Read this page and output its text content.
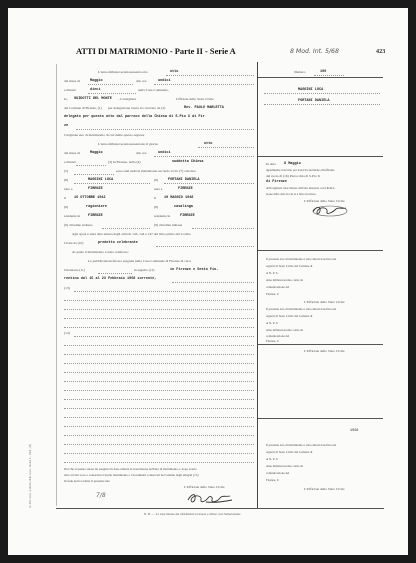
ATTI DI MATRIMONIO - Parte II - Serie A	8 Mod. Int. 5/68	423
L'anno millenovecentosessanta otto	otto
del mese di	Maggio	alle ore	undici
e minuti	dieci	nella Casa Comunale,
Io, GUIDOTTI DEL MONTE - Consigliere	Ufficiale dello Stato Civile
del Comune di Firenze, (1) per delegazione avuta, ho ricevuto da (2)	Rev. PAOLO MARLETTA
delegato per questo atto dal parroco della Chiesa di S.Pio X di Fir
ze
l'originale atto di matrimonio di cui ritalle questo segnare
L'anno millenovecentosessantotto il giorno	otto
del mese di	Maggio	alle ore	undici
e minuti	(3) in Firenze, nella (4)	suddetta Chiesa
(5)	sono stati uniti in matrimonio secondo il rito (7) cattolico
(8)	MAGGINI LUCA	(9)	FORTANI DANIELA
nato a	FIRENZE	nata a	FIRENZE
il 16 OTTOBRE 1942	il 10 MAGGIO 1948
(8)	ragioniere	(8)	casalinga
residente in FIRENZE	residente in	FIRENZE
(9) cittadino italiano	(9) cittadina italiana
Agli sposi è stata data lettura degli articoli 143, 144 e 147 del libro primo del Codice
Civile da (10)	predetto celebrante
Al quale il matrimonio è stato celebrato:
Le pubblicazioni furono eseguite nella Casa Comunale di Firenze di cui è
blicazione (11)	in seguito (12)	in Firenze e Sesto Fio-
rentino dal 15 al 23 Febbraio 1968 corrente,
(13)
(14)
Del che si questo stesso ha eseguito in data odierna la trascrizione dell'atto di matrimonio e, dopo averlo
letto ad alta voce e conosciuto l'esatto matrimonio e i documenti conservati nel volume degli allegati (15)
In fede ne ho redatto il presente atto
L'Ufficiale dello Stato Civile
7/8
Ist. Pol. Stato - Libreria dello Stato - Roma 5 - 1968 - (P)
N. B. — La trascrizione dei riferimenti accessori e divise così l'annotazione
Numero	100
MAGGINI LUCA
FORTANI DANIELA
In data 8 Maggio
ugualmente trascritto per trascrive notiziale all'ufficiale
del ruolo di (16) Parrocchia di S.Pio X
di Firenze
dell'originale trascrizione dell'atto intestato con l'indica-
zione delle data in cui si è fatto ricevuto.
L'Ufficiale dello Stato Civile
Il presente atto di matrimonio è stato altresì trascritto nei
registri di Stato Civile del Comune di
al N. P. S.
anno millenovecento come da
comunicazione del
Firenze, li
L'Ufficiale dello Stato Civile
Il presente atto di matrimonio è stato altresì trascritto nei
registri di Stato Civile del Comune di
al N. P. S.
anno millenovecento come da
comunicazione del
Firenze, li
L'Ufficiale dello Stato Civile
1968
Il presente atto di matrimonio è stato altresì trascritto nei
registri di Stato Civile del Comune di
al N. P. S.
anno millenovecento come da
comunicazione del
Firenze, li
L'Ufficiale dello Stato Civile
